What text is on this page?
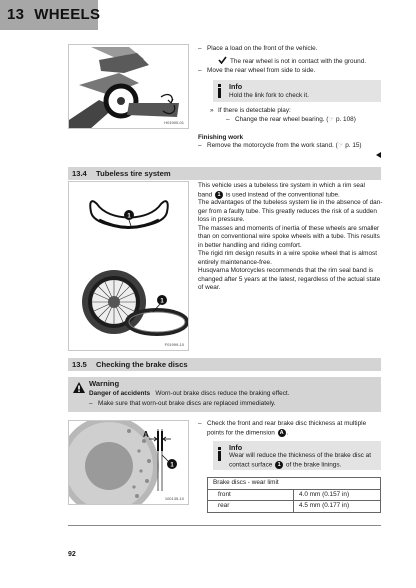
13 WHEELS
H01900-01
– Place a load on the front of the vehicle.
The rear wheel is not in contact with the ground.
– Move the rear wheel from side to side.
Info
Hold the link fork to check it.
» If there is detectable play:
– Change the rear wheel bearing. (☞ p. 108)
Finishing work
– Remove the motorcycle from the work stand. (☞ p. 15)
13.4 Tubeless tire system
1
1
F01999-10
This vehicle uses a tubeless tire system in which a rim seal
band 1 is used instead of the conventional tube.
The advantages of the tubeless system lie in the absence of dan-
ger from a faulty tube. This greatly reduces the risk of a sudden
loss in pressure.
The masses and moments of inertia of these wheels are smaller
than on conventional wire spoke wheels with a tube. This results
in better handling and riding comfort.
The rigid rim design results in a wire spoke wheel that is almost
entirely maintenance-free.
Husqvarna Motorcycles recommends that the rim seal band is
changed after 5 years at the latest, regardless of the actual state
of wear.
13.5 Checking the brake discs
Warning
Danger of accidents Worn-out brake discs reduce the braking effect.
– Make sure that worn-out brake discs are replaced immediately.
A
1
100135-10
– Check the front and rear brake disc thickness at multiple
points for the dimension A .
Info
Wear will reduce the thickness of the brake disc at
contact surface 1 of the brake linings.
Brake discs - wear limit	
front	4.0 mm (0.157 in)
rear	4.5 mm (0.177 in)
92
